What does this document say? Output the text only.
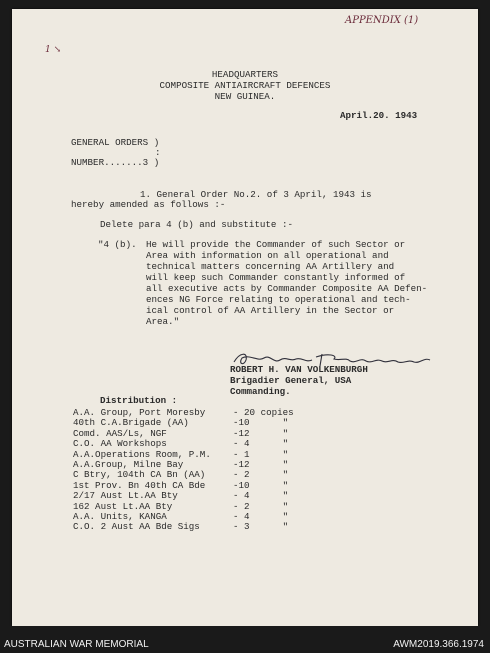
APPENDIX (1)
1 ↘
HEADQUARTERS
COMPOSITE ANTIAIRCRAFT DEFENCES
NEW GUINEA.
April.20. 1943
GENERAL ORDERS )
:
NUMBER.......3 )
1. General Order No.2. of 3 April, 1943 is
hereby amended as follows :-
Delete para 4 (b) and substitute :-
"4 (b). He will provide the Commander of such Sector or
Area with information on all operational and
technical matters concerning AA Artillery and
will keep such Commander constantly informed of
all executive acts by Commander Composite AA Defen-
ences NG Force relating to operational and tech-
ical control of AA Artillery in the Sector or
Area."
ROBERT H. VAN VOLKENBURGH
Brigadier General, USA
Commanding.
Distribution :
A.A. Group, Port Moresby	- 20 copies
40th C.A.Brigade (AA)	-10      "
Comd. AAS/Ls, NGF	-12      "
C.O. AA Workshops	- 4      "
A.A.Operations Room, P.M. - 1      "
A.A.Group, Milne Bay	-12      "
C Btry, 104th CA Bn (AA)	- 2      "
1st Prov. Bn 40th CA Bde	-10      "
2/17 Aust Lt.AA Bty	- 4      "
162 Aust Lt.AA Bty	- 2      "
A.A. Units, KANGA	- 4      "
C.O. 2 Aust AA Bde Sigs	- 3      "
AUSTRALIAN WAR MEMORIAL	AWM2019.366.1974
